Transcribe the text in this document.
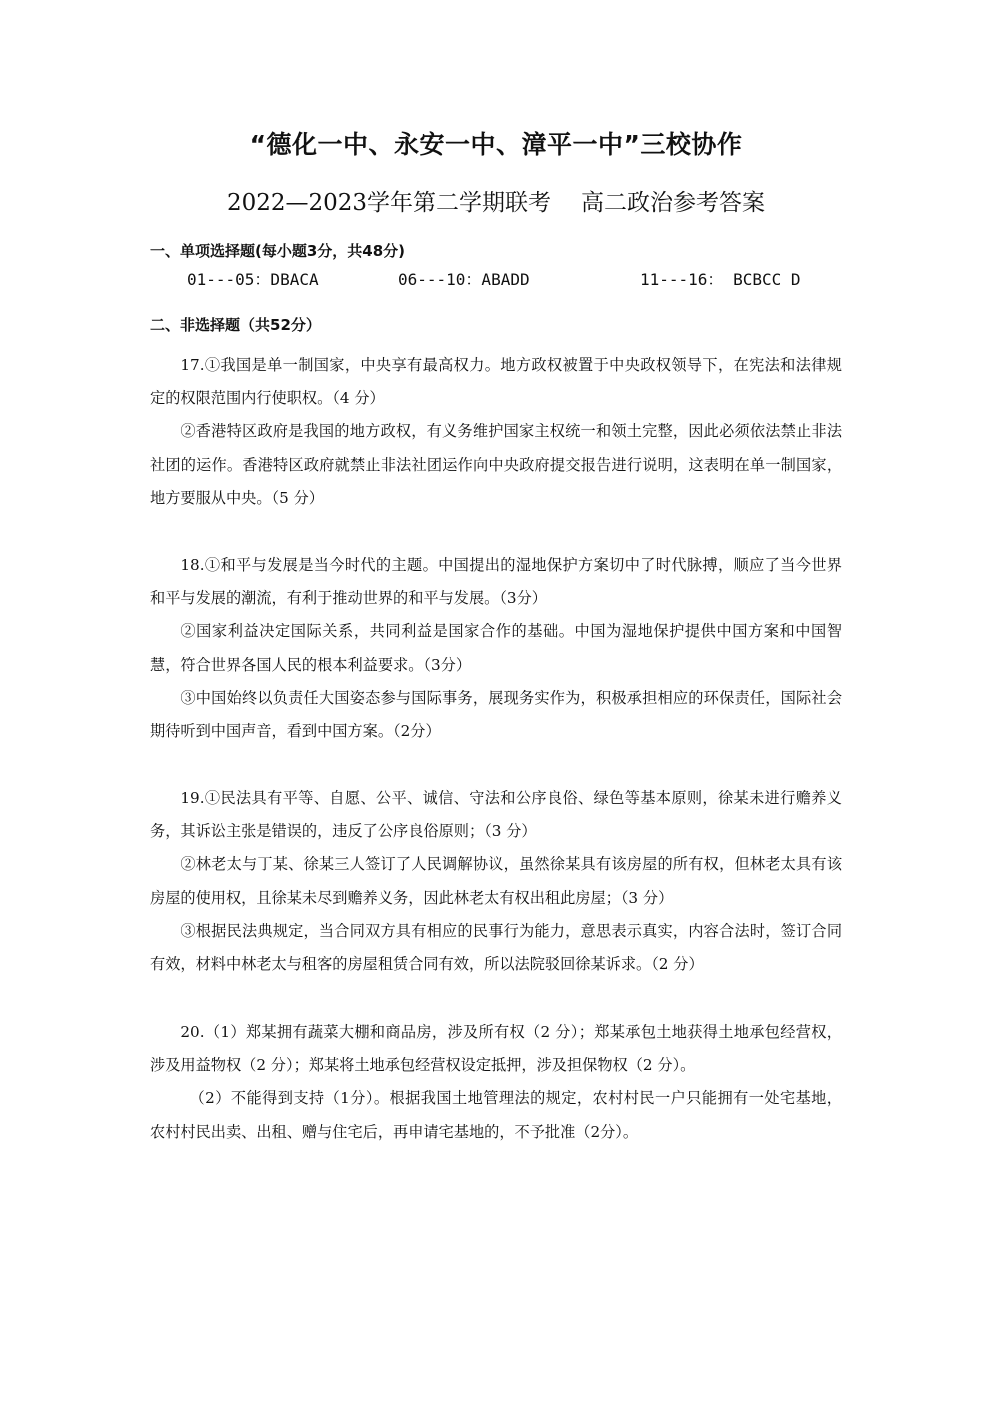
“德化一中、永安一中、漳平一中”三校协作
2022—2023学年第二学期联考 高二政治参考答案
一、单项选择题(每小题3分，共48分)
01---05：DBACA	06---10：ABADD	11---16： BCBCC D
二、非选择题（共52分）

17.①我国是单一制国家，中央享有最高权力。地方政权被置于中央政权领导下，在宪法和法律规定的权限范围内行使职权。（4 分）

②香港特区政府是我国的地方政权，有义务维护国家主权统一和领土完整，因此必须依法禁止非法社团的运作。香港特区政府就禁止非法社团运作向中央政府提交报告进行说明，这表明在单一制国家，地方要服从中央。（5 分）

18.①和平与发展是当今时代的主题。中国提出的湿地保护方案切中了时代脉搏，顺应了当今世界和平与发展的潮流，有利于推动世界的和平与发展。（3分）

②国家利益决定国际关系，共同利益是国家合作的基础。中国为湿地保护提供中国方案和中国智慧，符合世界各国人民的根本利益要求。（3分）

③中国始终以负责任大国姿态参与国际事务，展现务实作为，积极承担相应的环保责任，国际社会期待听到中国声音，看到中国方案。（2分）

19.①民法具有平等、自愿、公平、诚信、守法和公序良俗、绿色等基本原则，徐某未进行赡养义务，其诉讼主张是错误的，违反了公序良俗原则；（3 分）

②林老太与丁某、徐某三人签订了人民调解协议，虽然徐某具有该房屋的所有权，但林老太具有该房屋的使用权，且徐某未尽到赡养义务，因此林老太有权出租此房屋；（3 分）

③根据民法典规定，当合同双方具有相应的民事行为能力，意思表示真实，内容合法时，签订合同有效，材料中林老太与租客的房屋租赁合同有效，所以法院驳回徐某诉求。（2 分）

20.（1）郑某拥有蔬菜大棚和商品房，涉及所有权（2 分）；郑某承包土地获得土地承包经营权，涉及用益物权（2 分）；郑某将土地承包经营权设定抵押，涉及担保物权（2 分）。

（2）不能得到支持（1分）。根据我国土地管理法的规定，农村村民一户只能拥有一处宅基地， 农村村民出卖、出租、赠与住宅后，再申请宅基地的，不予批准（2分）。
